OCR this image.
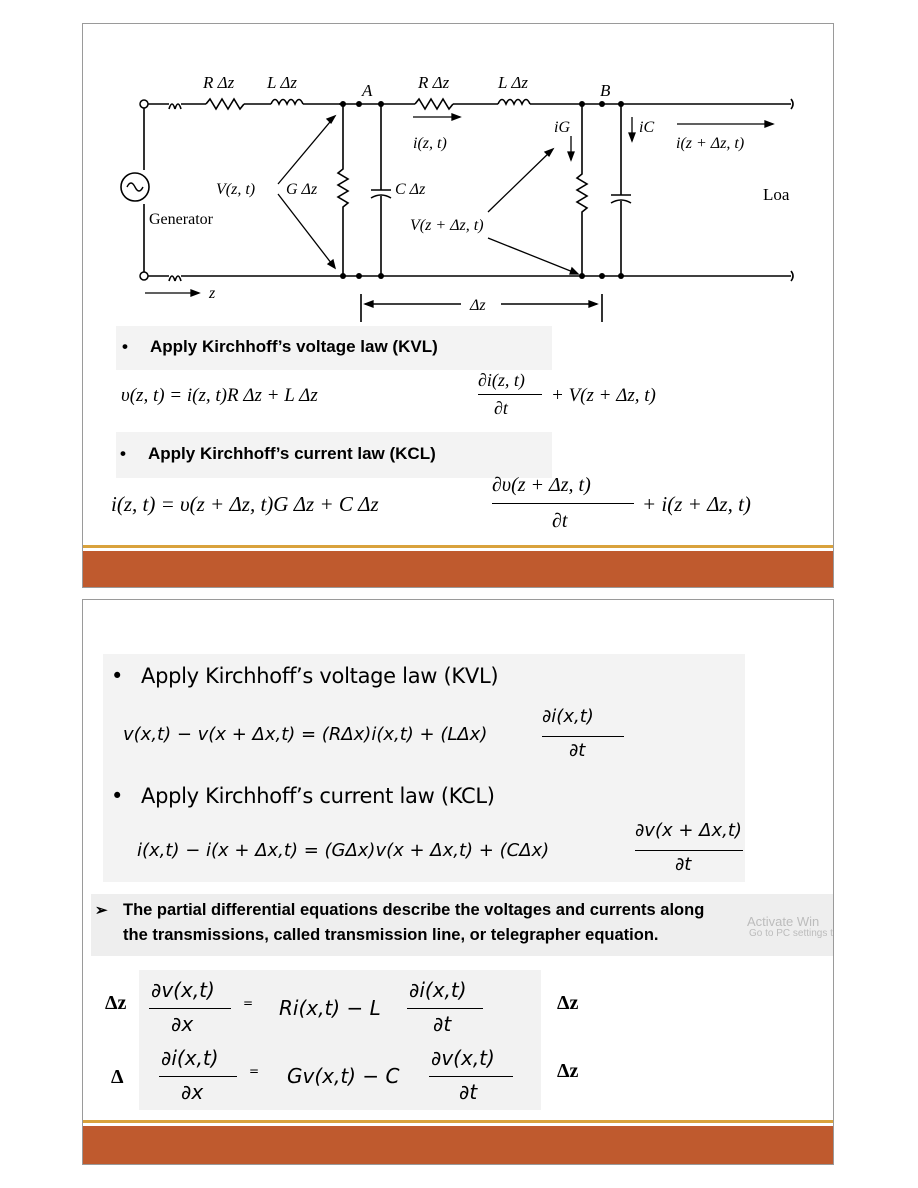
R Δz L Δz	A	R Δz	L Δz	B
i(z, t)
iG	iC
i(z + Δz, t)
V(z, t) G Δz	C Δz
Generator	V(z + Δz, t)
Loa
z
Δz
• Apply Kirchhoff’s voltage law (KVL)
υ(z, t) = i(z, t)R Δz + L Δz
∂i(z, t)
∂t
+ V(z + Δz, t)
• Apply Kirchhoff’s current law (KCL)
i(z, t) = υ(z + Δz, t)G Δz + C Δz
∂υ(z + Δz, t)
∂t
+ i(z + Δz, t)
• Apply Kirchhoff’s voltage law (KVL)
v(x,t) − v(x + Δx,t) = (RΔx)i(x,t) + (LΔx)
∂i(x,t)
∂t
• Apply Kirchhoff’s current law (KCL)
i(x,t) − i(x + Δx,t) = (GΔx)v(x + Δx,t) + (CΔx)
∂v(x + Δx,t)
∂t
➢ The partial differential equations describe the voltages and currents along
the transmissions, called transmission line, or telegrapher equation.
Activate Win
Go to PC settings t
∂v(x,t)
∂x
= Ri(x,t) − L
∂i(x,t)
∂t
∂i(x,t)
∂x
= Gv(x,t) − C
∂v(x,t)
∂t
Δz	Δz
Δ	Δz
